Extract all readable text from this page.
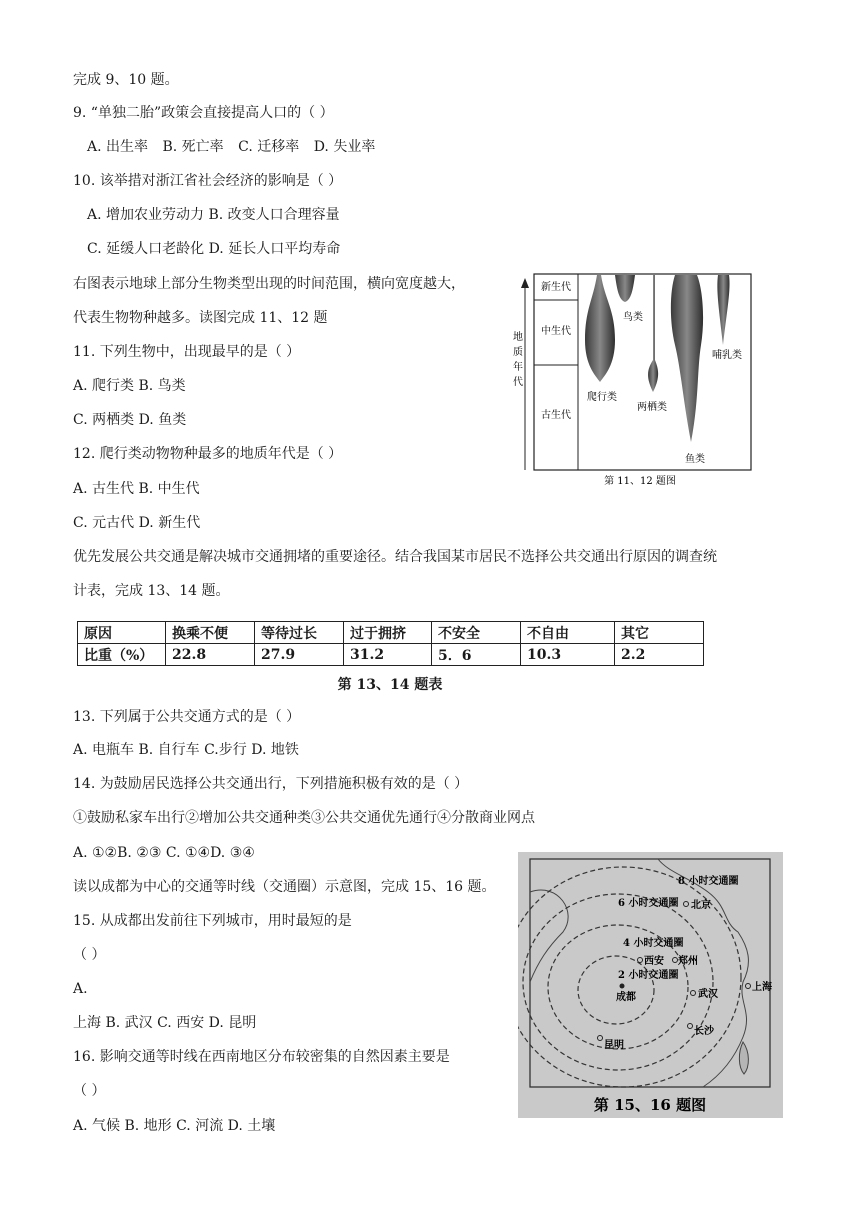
完成 9、10 题。
9. “单独二胎”政策会直接提高人口的（ ）
A. 出生率 B. 死亡率 C. 迁移率 D. 失业率
10. 该举措对浙江省社会经济的影响是（ ）
A. 增加农业劳动力 B. 改变人口合理容量
C. 延缓人口老龄化 D. 延长人口平均寿命
右图表示地球上部分生物类型出现的时间范围，横向宽度越大，
代表生物物种越多。读图完成 11、12 题
11. 下列生物中，出现最早的是（ ）
A. 爬行类 B. 鸟类
C. 两栖类 D. 鱼类
12. 爬行类动物物种最多的地质年代是（ ）
A. 古生代 B. 中生代
C. 元古代 D. 新生代
优先发展公共交通是解决城市交通拥堵的重要途径。结合我国某市居民不选择公共交通出行原因的调查统
计表，完成 13、14 题。
原因	换乘不便	等待过长	过于拥挤	不安全	不自由	其它
比重（%）	22.8	27.9	31.2	5．6	10.3	2.2
第 13、14 题表
13. 下列属于公共交通方式的是（ ）
A. 电瓶车 B. 自行车 C.步行 D. 地铁
14. 为鼓励居民选择公共交通出行，下列措施积极有效的是（ ）
①鼓励私家车出行②增加公共交通种类③公共交通优先通行④分散商业网点
A. ①②B. ②③ C. ①④D. ③④
读以成都为中心的交通等时线（交通圈）示意图，完成 15、16 题。
15. 从成都出发前往下列城市，用时最短的是
（ ）
A.
上海 B. 武汉 C. 西安 D. 昆明
16. 影响交通等时线在西南地区分布较密集的自然因素主要是
（ ）
A. 气候 B. 地形 C. 河流 D. 土壤
地
质
年
代
新生代
中生代
古生代
鸟类
哺乳类
爬行类
两栖类
鱼类
第 11、12 题图
8 小时交通圈
6 小时交通圈
4 小时交通圈
2 小时交通圈
北京
西安 郑州
成都	武汉
上海
长沙
昆明
第 15、16 题图
